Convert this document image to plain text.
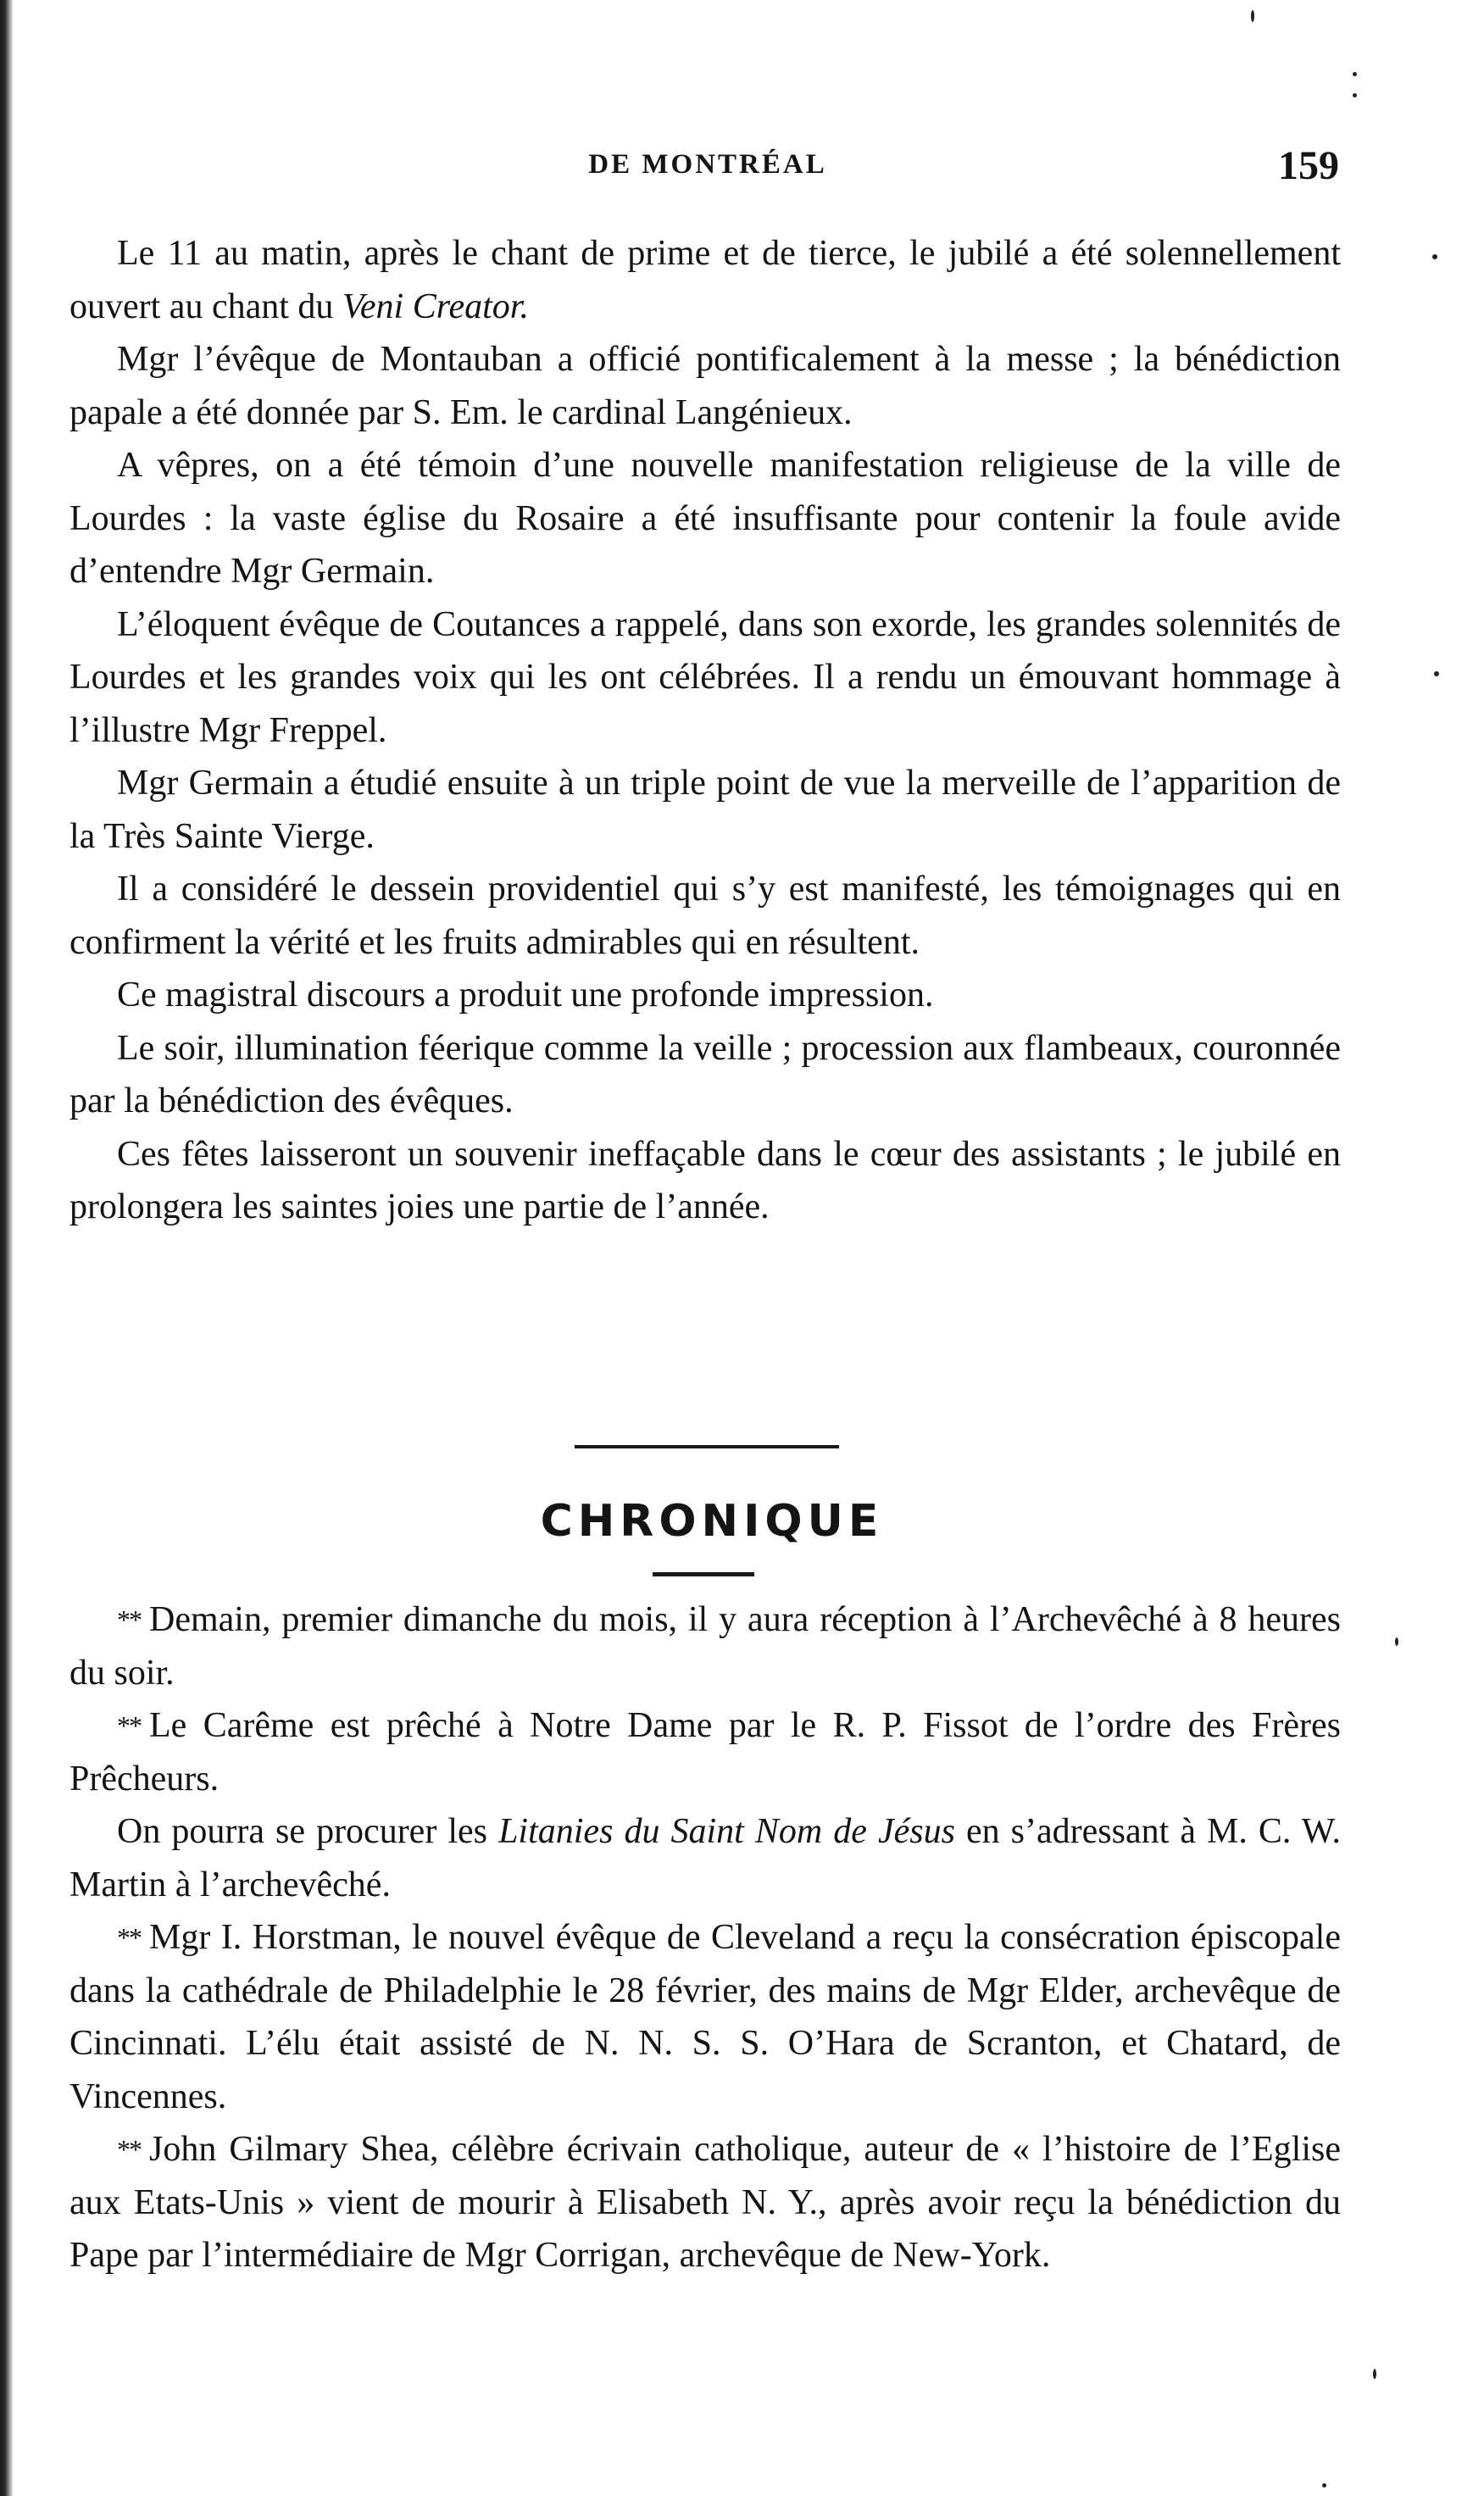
DE MONTRÉAL	159

Le 11 au matin, après le chant de prime et de tierce, le jubilé a été solennellement ouvert au chant du Veni Creator.

Mgr l’évêque de Montauban a officié pontificalement à la messe ; la bénédiction papale a été donnée par S. Em. le cardinal Langénieux.

A vêpres, on a été témoin d’une nouvelle manifestation religieuse de la ville de Lourdes : la vaste église du Rosaire a été insuffisante pour contenir la foule avide d’entendre Mgr Germain.

L’éloquent évêque de Coutances a rappelé, dans son exorde, les grandes solennités de Lourdes et les grandes voix qui les ont célébrées. Il a rendu un émouvant hommage à l’illustre Mgr Freppel.

Mgr Germain a étudié ensuite à un triple point de vue la merveille de l’apparition de la Très Sainte Vierge.

Il a considéré le dessein providentiel qui s’y est manifesté, les témoignages qui en confirment la vérité et les fruits admirables qui en résultent.

Ce magistral discours a produit une profonde impression.

Le soir, illumination féerique comme la veille ; procession aux flambeaux, couronnée par la bénédiction des évêques.

Ces fêtes laisseront un souvenir ineffaçable dans le cœur des assistants ; le jubilé en prolongera les saintes joies une partie de l’année.

CHRONIQUE

** Demain, premier dimanche du mois, il y aura réception à l’Archevêché à 8 heures du soir.

** Le Carême est prêché à Notre Dame par le R. P. Fissot de l’ordre des Frères Prêcheurs.

On pourra se procurer les Litanies du Saint Nom de Jésus en s’adressant à M. C. W. Martin à l’archevêché.

** Mgr I. Horstman, le nouvel évêque de Cleveland a reçu la consécration épiscopale dans la cathédrale de Philadelphie le 28 février, des mains de Mgr Elder, archevêque de Cincinnati. L’élu était assisté de N. N. S. S. O’Hara de Scranton, et Chatard, de Vincennes.

** John Gilmary Shea, célèbre écrivain catholique, auteur de « l’histoire de l’Eglise aux Etats-Unis » vient de mourir à Elisabeth N. Y., après avoir reçu la bénédiction du Pape par l’intermédiaire de Mgr Corrigan, archevêque de New-York.
